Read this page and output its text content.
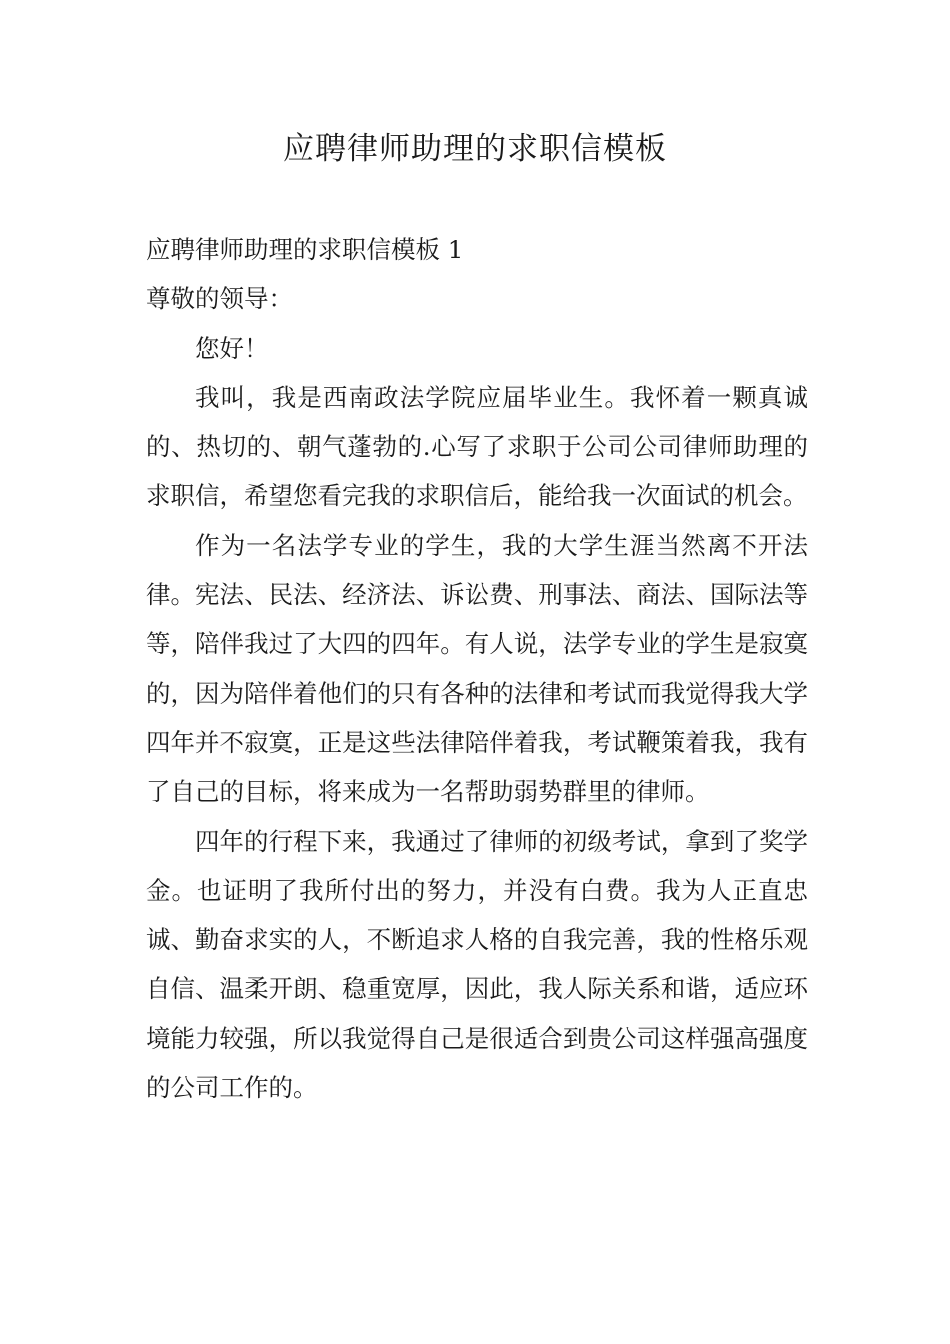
应聘律师助理的求职信模板

应聘律师助理的求职信模板 1

尊敬的领导：

您好！

我叫，我是西南政法学院应届毕业生。我怀着一颗真诚的、热切的、朝气蓬勃的.心写了求职于公司公司律师助理的求职信，希望您看完我的求职信后，能给我一次面试的机会。

作为一名法学专业的学生，我的大学生涯当然离不开法律。宪法、民法、经济法、诉讼费、刑事法、商法、国际法等等，陪伴我过了大四的四年。有人说，法学专业的学生是寂寞的，因为陪伴着他们的只有各种的法律和考试而我觉得我大学四年并不寂寞，正是这些法律陪伴着我，考试鞭策着我，我有了自己的目标，将来成为一名帮助弱势群里的律师。

四年的行程下来，我通过了律师的初级考试，拿到了奖学金。也证明了我所付出的努力，并没有白费。我为人正直忠诚、勤奋求实的人，不断追求人格的自我完善，我的性格乐观自信、温柔开朗、稳重宽厚，因此，我人际关系和谐，适应环境能力较强，所以我觉得自己是很适合到贵公司这样强高强度的公司工作的。
